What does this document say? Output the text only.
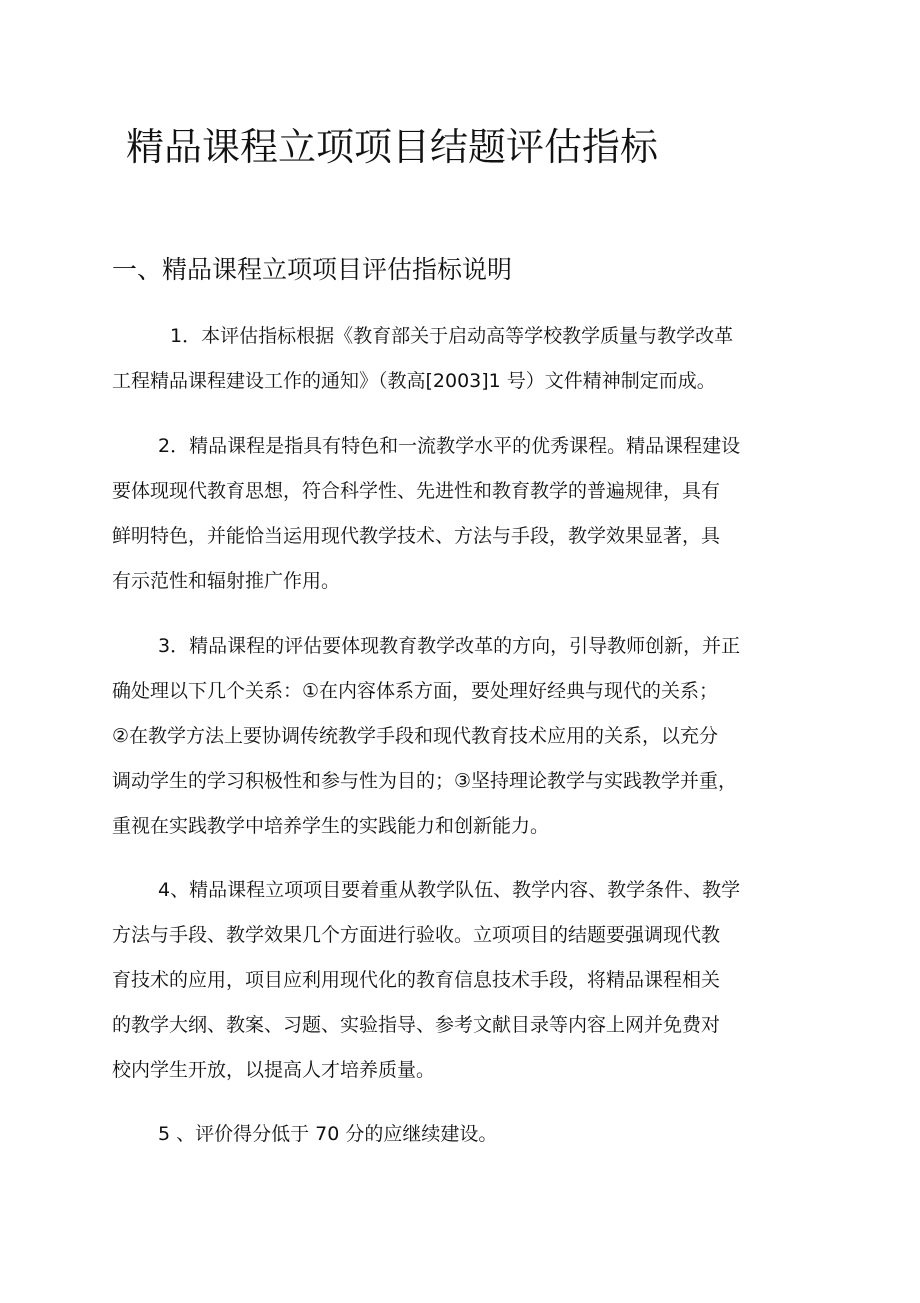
精品课程立项项目结题评估指标
一、精品课程立项项目评估指标说明

1．本评估指标根据《教育部关于启动高等学校教学质量与教学改革
工程精品课程建设工作的通知》（教高[2003]1 号）文件精神制定而成。

2．精品课程是指具有特色和一流教学水平的优秀课程。精品课程建设
要体现现代教育思想，符合科学性、先进性和教育教学的普遍规律，具有
鲜明特色，并能恰当运用现代教学技术、方法与手段，教学效果显著，具
有示范性和辐射推广作用。

3．精品课程的评估要体现教育教学改革的方向，引导教师创新，并正
确处理以下几个关系：①在内容体系方面，要处理好经典与现代的关系；
②在教学方法上要协调传统教学手段和现代教育技术应用的关系，以充分
调动学生的学习积极性和参与性为目的；③坚持理论教学与实践教学并重，
重视在实践教学中培养学生的实践能力和创新能力。

4、精品课程立项项目要着重从教学队伍、教学内容、教学条件、教学
方法与手段、教学效果几个方面进行验收。立项项目的结题要强调现代教
育技术的应用，项目应利用现代化的教育信息技术手段，将精品课程相关
的教学大纲、教案、习题、实验指导、参考文献目录等内容上网并免费对
校内学生开放，以提高人才培养质量。

5 、评价得分低于 70 分的应继续建设。
